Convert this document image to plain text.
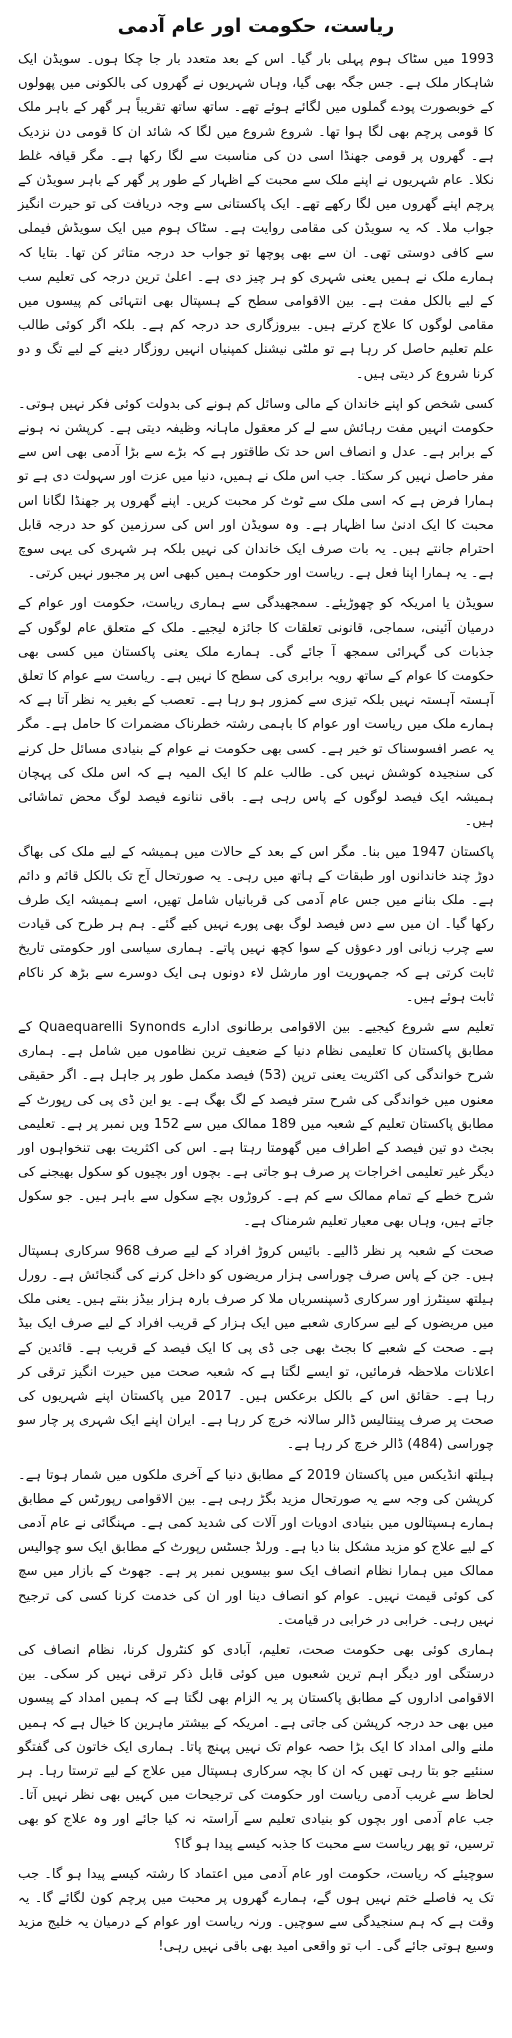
ریاست، حکومت اور عام آدمی

1993 میں سٹاک ہوم پہلی بار گیا۔ اس کے بعد متعدد بار جا چکا ہوں۔ سویڈن ایک شاہکار ملک ہے۔ جس جگہ بھی گیا، وہاں شہریوں نے گھروں کی بالکونی میں پھولوں کے خوبصورت پودے گملوں میں لگائے ہوئے تھے۔ ساتھ ساتھ تقریباً ہر گھر کے باہر ملک کا قومی پرچم بھی لگا ہوا تھا۔ شروع شروع میں لگا کہ شائد ان کا قومی دن نزدیک ہے۔ گھروں پر قومی جھنڈا اسی دن کی مناسبت سے لگا رکھا ہے۔ مگر قیافہ غلط نکلا۔ عام شہریوں نے اپنے ملک سے محبت کے اظہار کے طور پر گھر کے باہر سویڈن کے پرچم اپنے گھروں میں لگا رکھے تھے۔ ایک پاکستانی سے وجہ دریافت کی تو حیرت انگیز جواب ملا۔ کہ یہ سویڈن کی مقامی روایت ہے۔ سٹاک ہوم میں ایک سویڈش فیملی سے کافی دوستی تھی۔ ان سے بھی پوچھا تو جواب حد درجہ متاثر کن تھا۔ بتایا کہ ہمارے ملک نے ہمیں یعنی شہری کو ہر چیز دی ہے۔ اعلیٰ ترین درجہ کی تعلیم سب کے لیے بالکل مفت ہے۔ بین الاقوامی سطح کے ہسپتال بھی انتہائی کم پیسوں میں مقامی لوگوں کا علاج کرتے ہیں۔ بیروزگاری حد درجہ کم ہے۔ بلکہ اگر کوئی طالب علم تعلیم حاصل کر رہا ہے تو ملٹی نیشنل کمپنیاں انہیں روزگار دینے کے لیے تگ و دو کرنا شروع کر دیتی ہیں۔

کسی شخص کو اپنے خاندان کے مالی وسائل کم ہونے کی بدولت کوئی فکر نہیں ہوتی۔ حکومت انہیں مفت رہائش سے لے کر معقول ماہانہ وظیفہ دیتی ہے۔ کرپشن نہ ہونے کے برابر ہے۔ عدل و انصاف اس حد تک طاقتور ہے کہ بڑے سے بڑا آدمی بھی اس سے مفر حاصل نہیں کر سکتا۔ جب اس ملک نے ہمیں، دنیا میں عزت اور سہولت دی ہے تو ہمارا فرض ہے کہ اسی ملک سے ٹوٹ کر محبت کریں۔ اپنے گھروں پر جھنڈا لگانا اس محبت کا ایک ادنیٰ سا اظہار ہے۔ وہ سویڈن اور اس کی سرزمین کو حد درجہ قابل احترام جانتے ہیں۔ یہ بات صرف ایک خاندان کی نہیں بلکہ ہر شہری کی یہی سوچ ہے۔ یہ ہمارا اپنا فعل ہے۔ ریاست اور حکومت ہمیں کبھی اس پر مجبور نہیں کرتی۔

سویڈن یا امریکہ کو چھوڑیئے۔ سمجھیدگی سے ہماری ریاست، حکومت اور عوام کے درمیان آئینی، سماجی، قانونی تعلقات کا جائزہ لیجیے۔ ملک کے متعلق عام لوگوں کے جذبات کی گہرائی سمجھ آ جائے گی۔ ہمارے ملک یعنی پاکستان میں کسی بھی حکومت کا عوام کے ساتھ رویہ برابری کی سطح کا نہیں ہے۔ ریاست سے عوام کا تعلق آہستہ آہستہ نہیں بلکہ تیزی سے کمزور ہو رہا ہے۔ تعصب کے بغیر یہ نظر آتا ہے کہ ہمارے ملک میں ریاست اور عوام کا باہمی رشتہ خطرناک مضمرات کا حامل ہے۔ مگر یہ عصر افسوسناک تو خیر ہے۔ کسی بھی حکومت نے عوام کے بنیادی مسائل حل کرنے کی سنجیدہ کوشش نہیں کی۔ طالب علم کا ایک المیہ ہے کہ اس ملک کی پہچان ہمیشہ ایک فیصد لوگوں کے پاس رہی ہے۔ باقی ننانوے فیصد لوگ محض تماشائی ہیں۔

پاکستان 1947 میں بنا۔ مگر اس کے بعد کے حالات میں ہمیشہ کے لیے ملک کی بھاگ دوڑ چند خاندانوں اور طبقات کے ہاتھ میں رہی۔ یہ صورتحال آج تک بالکل قائم و دائم ہے۔ ملک بنانے میں جس عام آدمی کی قربانیاں شامل تھیں، اسے ہمیشہ ایک طرف رکھا گیا۔ ان میں سے دس فیصد لوگ بھی پورے نہیں کیے گئے۔ ہم ہر طرح کی قیادت سے چرب زبانی اور دعوؤں کے سوا کچھ نہیں پاتے۔ ہماری سیاسی اور حکومتی تاریخ ثابت کرتی ہے کہ جمہوریت اور مارشل لاء دونوں ہی ایک دوسرے سے بڑھ کر ناکام ثابت ہوئے ہیں۔

تعلیم سے شروع کیجیے۔ بین الاقوامی برطانوی ادارے Quaequarelli Synonds کے مطابق پاکستان کا تعلیمی نظام دنیا کے ضعیف ترین نظاموں میں شامل ہے۔ ہماری شرح خواندگی کی اکثریت یعنی ترپن (53) فیصد مکمل طور پر جاہل ہے۔ اگر حقیقی معنوں میں خواندگی کی شرح ستر فیصد کے لگ بھگ ہے۔ یو این ڈی پی کی رپورٹ کے مطابق پاکستان تعلیم کے شعبہ میں 189 ممالک میں سے 152 ویں نمبر پر ہے۔ تعلیمی بجٹ دو تین فیصد کے اطراف میں گھومتا رہتا ہے۔ اس کی اکثریت بھی تنخواہوں اور دیگر غیر تعلیمی اخراجات پر صرف ہو جاتی ہے۔ بچوں اور بچیوں کو سکول بھیجنے کی شرح خطے کے تمام ممالک سے کم ہے۔ کروڑوں بچے سکول سے باہر ہیں۔ جو سکول جاتے ہیں، وہاں بھی معیار تعلیم شرمناک ہے۔

صحت کے شعبہ پر نظر ڈالیے۔ بائیس کروڑ افراد کے لیے صرف 968 سرکاری ہسپتال ہیں۔ جن کے پاس صرف چوراسی ہزار مریضوں کو داخل کرنے کی گنجائش ہے۔ رورل ہیلتھ سینٹرز اور سرکاری ڈسپنسریاں ملا کر صرف بارہ ہزار بیڈز بنتے ہیں۔ یعنی ملک میں مریضوں کے لیے سرکاری شعبے میں ایک ہزار کے قریب افراد کے لیے صرف ایک بیڈ ہے۔ صحت کے شعبے کا بجٹ بھی جی ڈی پی کا ایک فیصد کے قریب ہے۔ قائدین کے اعلانات ملاحظہ فرمائیں، تو ایسے لگتا ہے کہ شعبہ صحت میں حیرت انگیز ترقی کر رہا ہے۔ حقائق اس کے بالکل برعکس ہیں۔ 2017 میں پاکستان اپنے شہریوں کی صحت پر صرف پینتالیس ڈالر سالانہ خرچ کر رہا ہے۔ ایران اپنے ایک شہری پر چار سو چوراسی (484) ڈالر خرچ کر رہا ہے۔

ہیلتھ انڈیکس میں پاکستان 2019 کے مطابق دنیا کے آخری ملکوں میں شمار ہوتا ہے۔ کرپشن کی وجہ سے یہ صورتحال مزید بگڑ رہی ہے۔ بین الاقوامی رپورٹس کے مطابق ہمارے ہسپتالوں میں بنیادی ادویات اور آلات کی شدید کمی ہے۔ مہنگائی نے عام آدمی کے لیے علاج کو مزید مشکل بنا دیا ہے۔ ورلڈ جسٹس رپورٹ کے مطابق ایک سو چوالیس ممالک میں ہمارا نظام انصاف ایک سو بیسویں نمبر پر ہے۔ جھوٹ کے بازار میں سچ کی کوئی قیمت نہیں۔ عوام کو انصاف دینا اور ان کی خدمت کرنا کسی کی ترجیح نہیں رہی۔ خرابی در خرابی در قیامت۔

ہماری کوئی بھی حکومت صحت، تعلیم، آبادی کو کنٹرول کرنا، نظام انصاف کی درستگی اور دیگر اہم ترین شعبوں میں کوئی قابل ذکر ترقی نہیں کر سکی۔ بین الاقوامی اداروں کے مطابق پاکستان پر یہ الزام بھی لگتا ہے کہ ہمیں امداد کے پیسوں میں بھی حد درجہ کرپشن کی جاتی ہے۔ امریکہ کے بیشتر ماہرین کا خیال ہے کہ ہمیں ملنے والی امداد کا ایک بڑا حصہ عوام تک نہیں پہنچ پاتا۔ ہماری ایک خاتون کی گفتگو سنئیے جو بتا رہی تھیں کہ ان کا بچہ سرکاری ہسپتال میں علاج کے لیے ترستا رہا۔ ہر لحاظ سے غریب آدمی ریاست اور حکومت کی ترجیحات میں کہیں بھی نظر نہیں آتا۔ جب عام آدمی اور بچوں کو بنیادی تعلیم سے آراستہ نہ کیا جائے اور وہ علاج کو بھی ترسیں، تو پھر ریاست سے محبت کا جذبہ کیسے پیدا ہو گا؟

سوچیئے کہ ریاست، حکومت اور عام آدمی میں اعتماد کا رشتہ کیسے پیدا ہو گا۔ جب تک یہ فاصلے ختم نہیں ہوں گے، ہمارے گھروں پر محبت میں پرچم کون لگائے گا۔ یہ وقت ہے کہ ہم سنجیدگی سے سوچیں۔ ورنہ ریاست اور عوام کے درمیان یہ خلیج مزید وسیع ہوتی جائے گی۔ اب تو واقعی امید بھی باقی نہیں رہی!
